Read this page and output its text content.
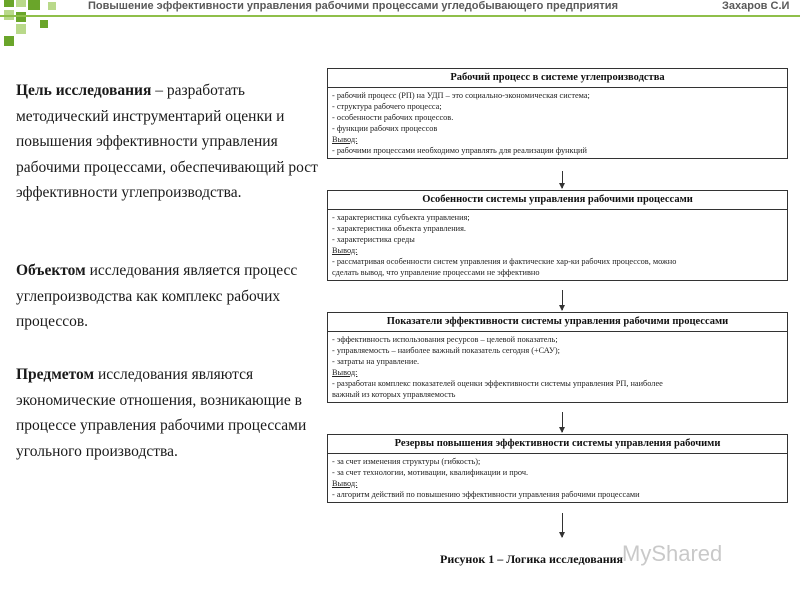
Повышение эффективности управления рабочими процессами угледобывающего предприятия	Захаров С.И

Цель исследования – разработать методический инструментарий оценки и повышения эффективности управления рабочими процессами, обеспечивающий рост эффективности углепроизводства.

Объектом исследования является процесс углепроизводства как комплекс рабочих процессов.

Предметом исследования являются экономические отношения, возникающие в процессе управления рабочими процессами угольного производства.

Рабочий процесс в системе углепроизводства
- рабочий процесс (РП) на УДП – это социально-экономическая система;
- структура рабочего процесса;
- особенности рабочих процессов.
- функции рабочих процессов
Вывод:
- рабочими процессами необходимо управлять для реализации функций
Особенности системы управления рабочими процессами
- характеристика субъекта управления;
- характеристика объекта управления.
- характеристика среды
Вывод:
- рассматривая особенности систем управления и фактические хар-ки рабочих процессов, можно
сделать вывод, что управление процессами не эффективно
Показатели эффективности системы управления рабочими процессами
- эффективность использования ресурсов – целевой показатель;
- управляемость – наиболее важный показатель сегодня (+САУ);
- затраты на управление.
Вывод:
- разработан комплекс показателей оценки эффективности системы управления РП, наиболее
важный из которых управляемость
Резервы повышения эффективности системы управления рабочими
- за счет изменения структуры (гибкость);
- за счет технологии, мотивации, квалификации и проч.
Вывод:
- алгоритм действий по повышению эффективности управления рабочими процессами
MyShared
Рисунок 1 – Логика исследования
